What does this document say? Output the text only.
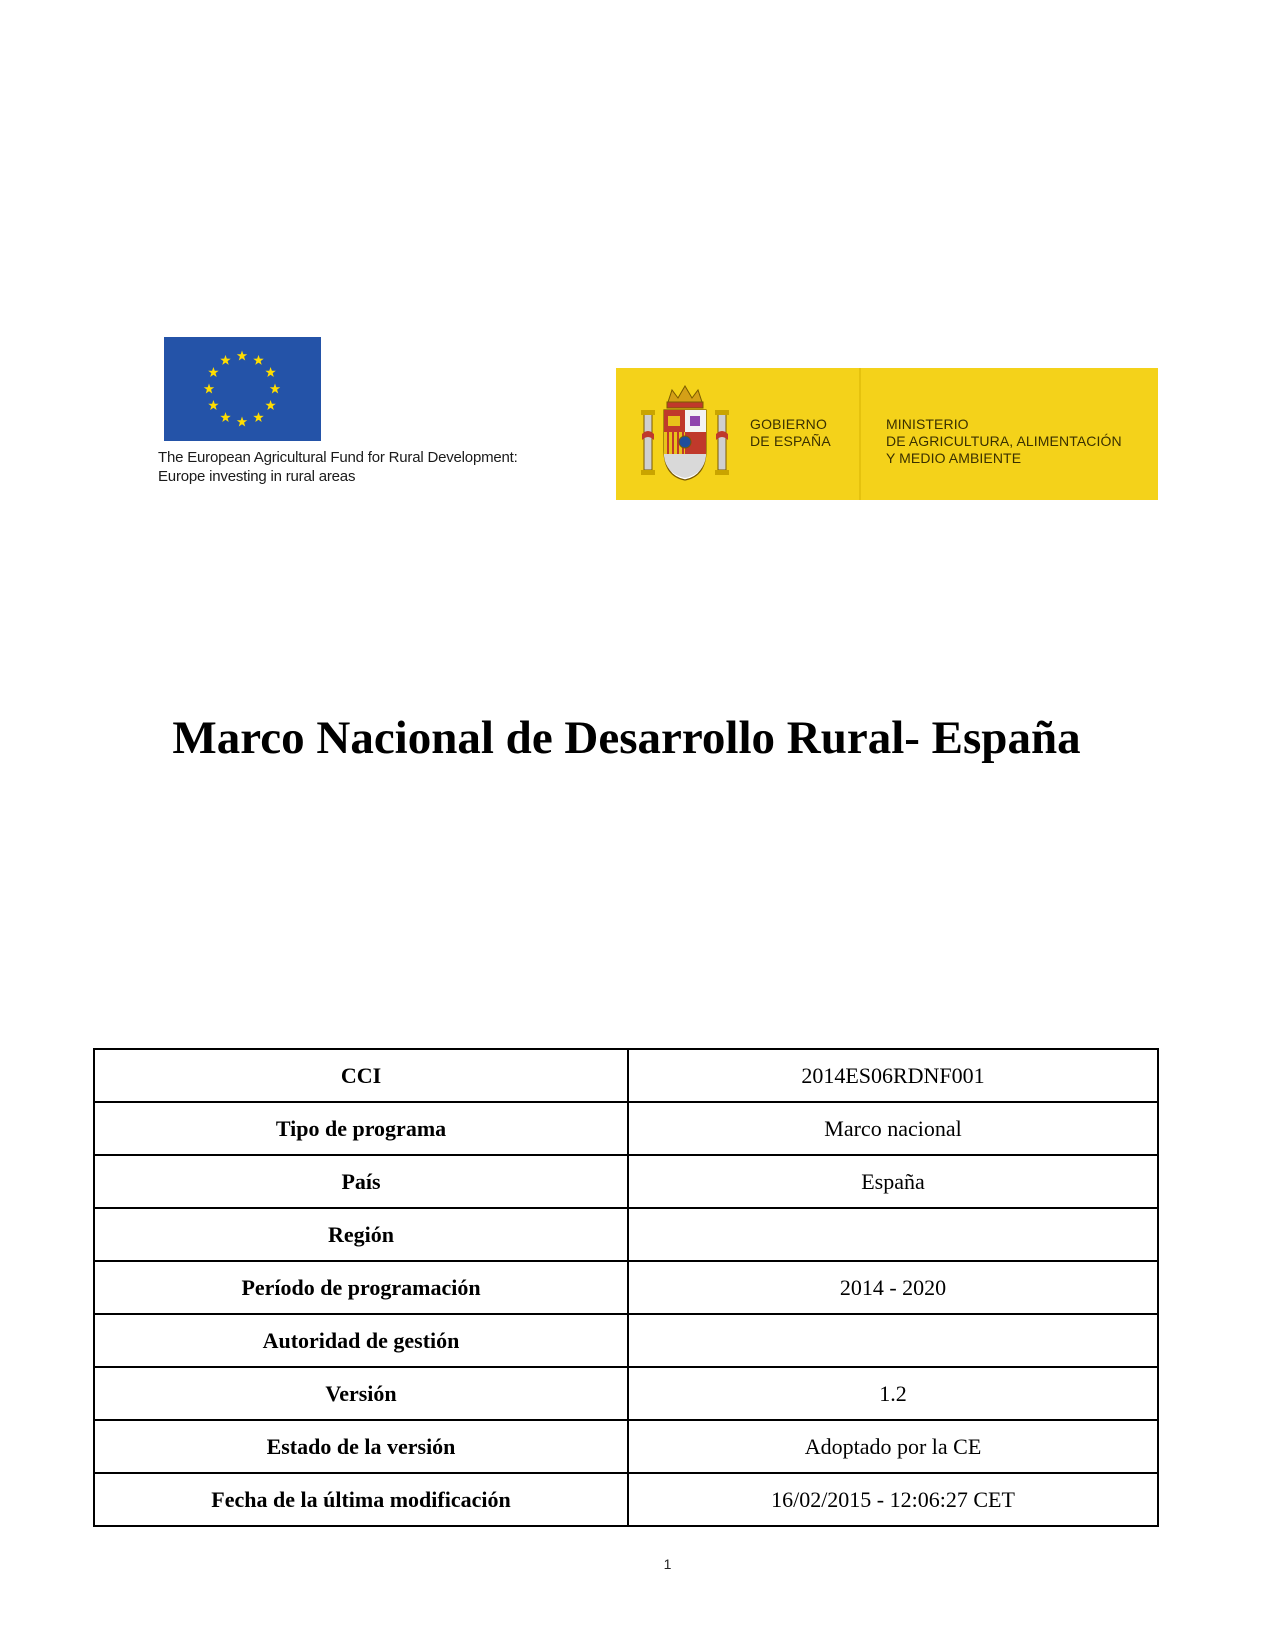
The European Agricultural Fund for Rural Development:
Europe investing in rural areas
GOBIERNO
DE ESPAÑA
MINISTERIO
DE AGRICULTURA, ALIMENTACIÓN
Y MEDIO AMBIENTE
Marco Nacional de Desarrollo Rural- España
CCI	2014ES06RDNF001
Tipo de programa	Marco nacional
País	España
Región	
Período de programación	2014 - 2020
Autoridad de gestión	
Versión	1.2
Estado de la versión	Adoptado por la CE
Fecha de la última modificación	16/02/2015 - 12:06:27 CET
1
